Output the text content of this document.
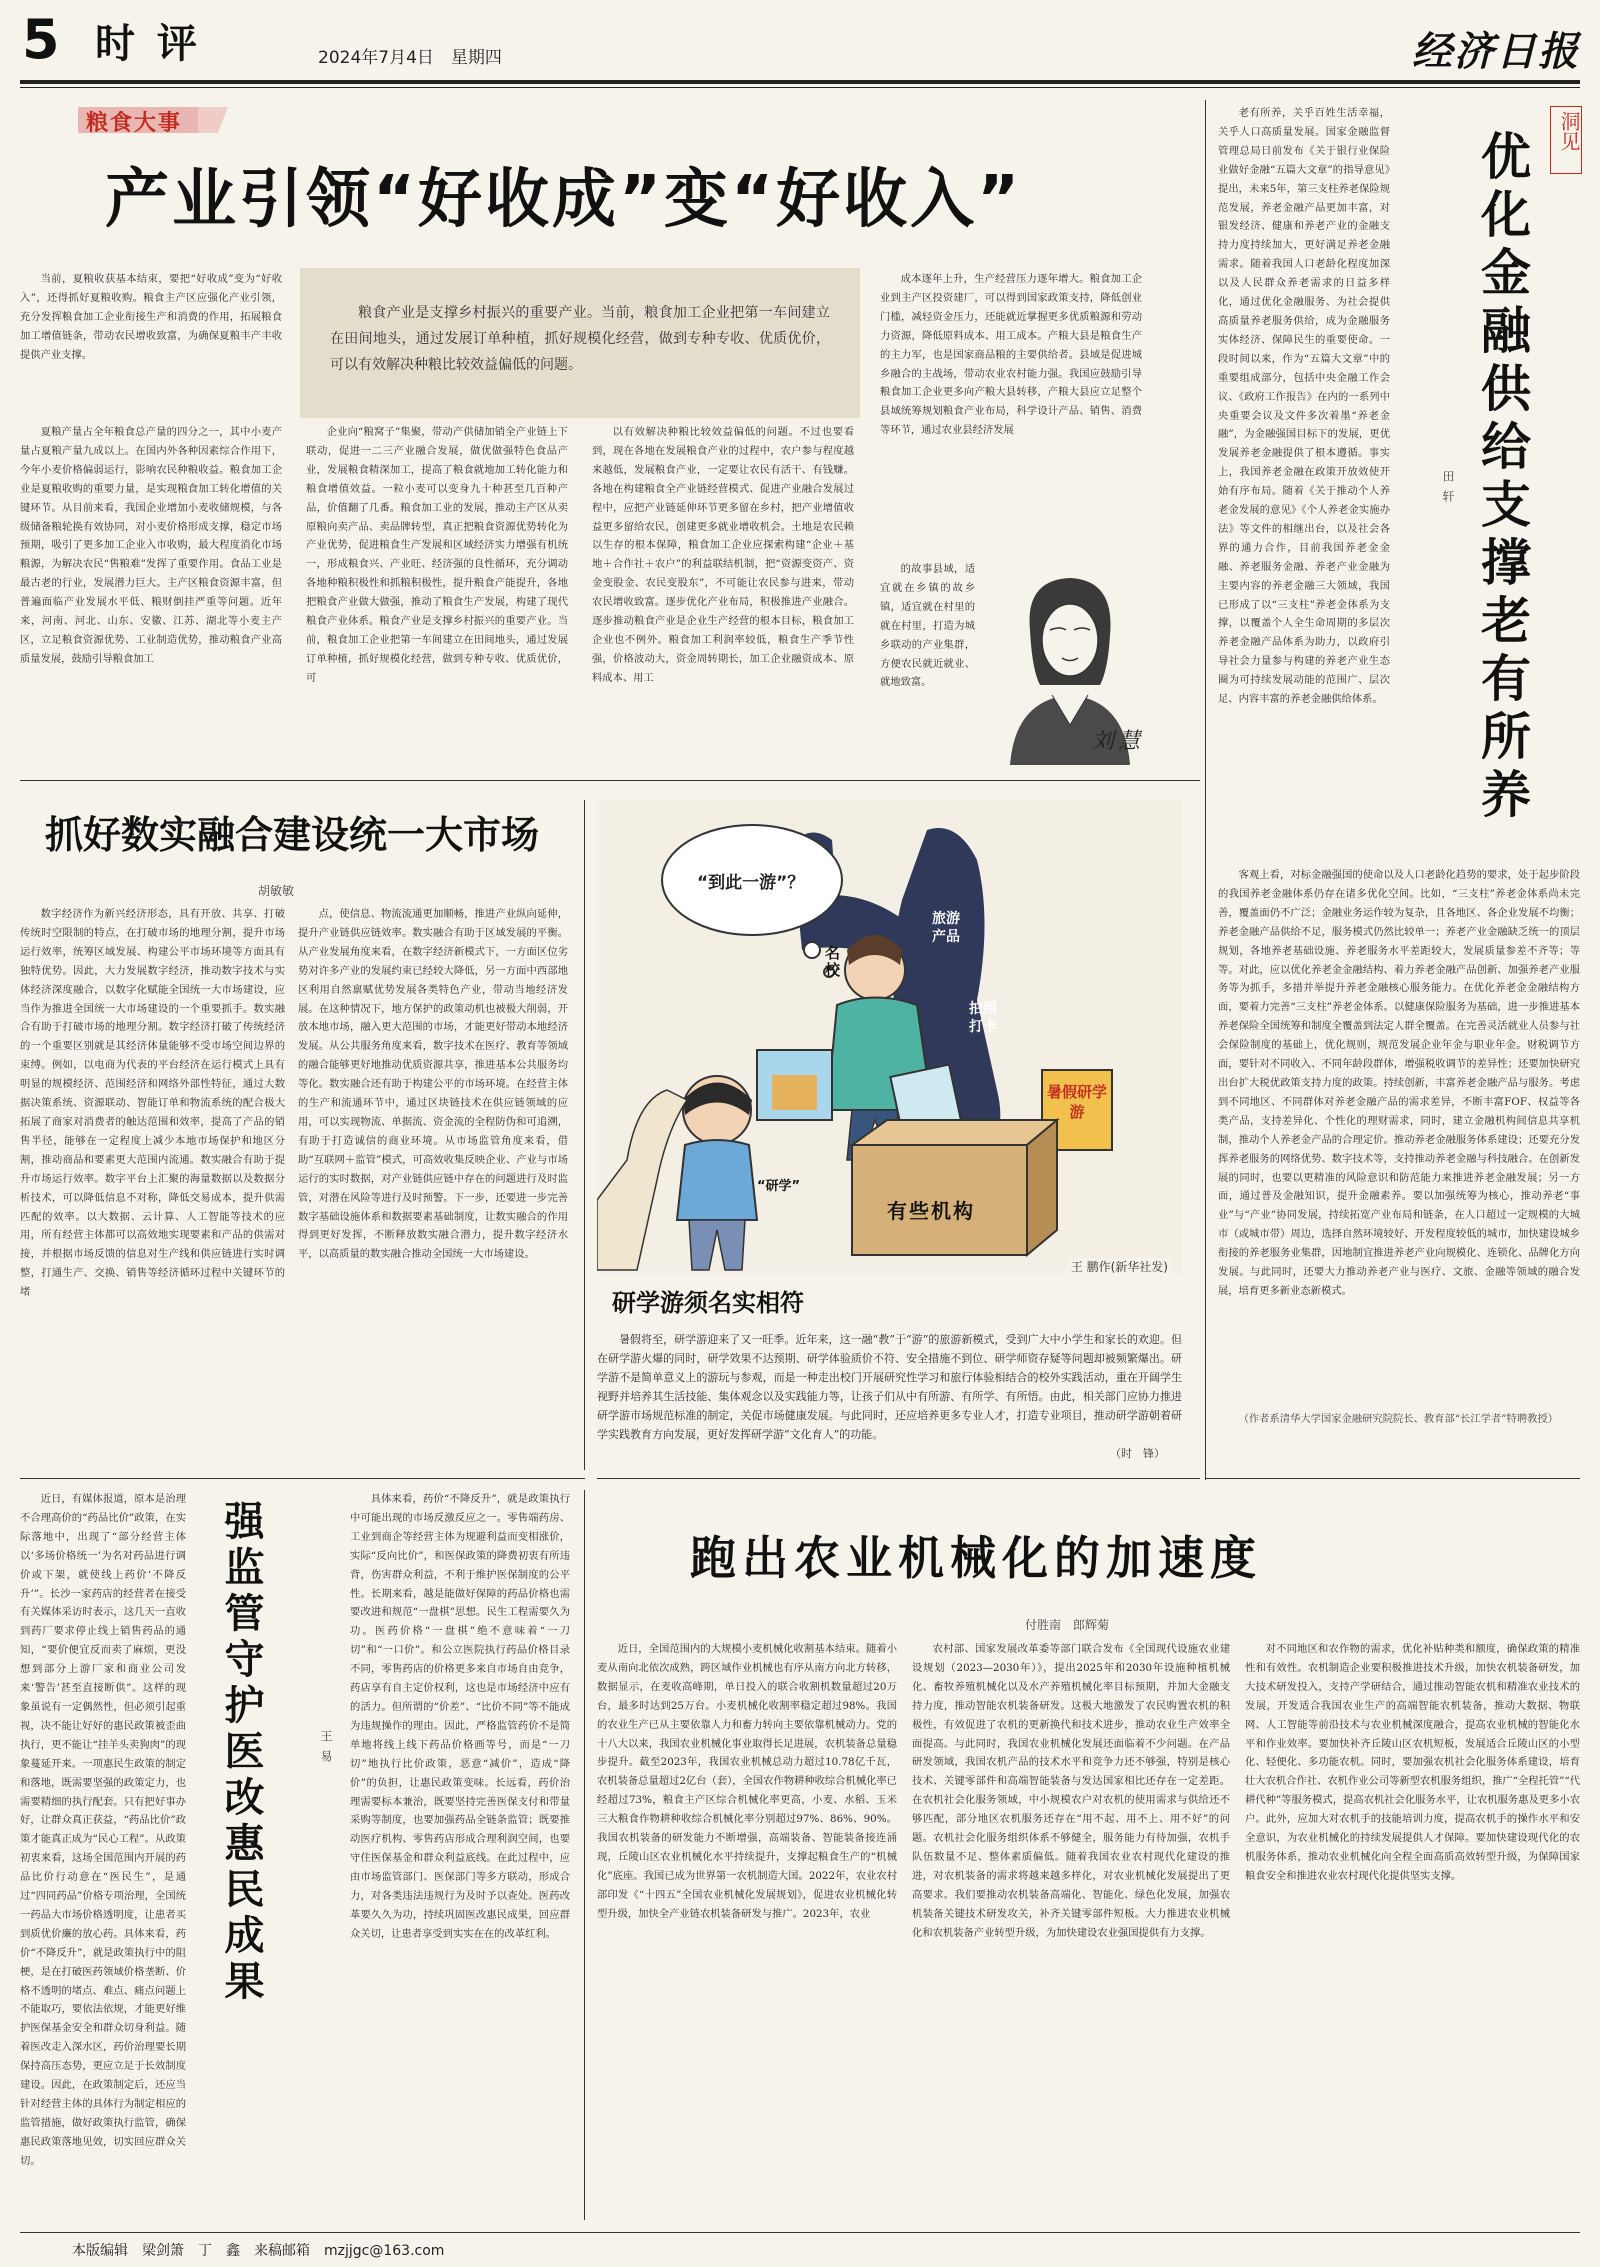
5 时 评	2024年7月4日　星期四	经济日报
粮食大事
产业引领“好收成”变“好收入”

当前，夏粮收获基本结束，要把“好收成”变为“好收入”，还得抓好夏粮收购。粮食主产区应强化产业引领，充分发挥粮食加工企业衔接生产和消费的作用，拓展粮食加工增值链条，带动农民增收致富，为确保夏粮丰产丰收提供产业支撑。

粮食产业是支撑乡村振兴的重要产业。当前，粮食加工企业把第一车间建立在田间地头，通过发展订单种植，抓好规模化经营，做到专种专收、优质优价，可以有效解决种粮比较效益偏低的问题。

成本逐年上升，生产经营压力逐年增大。粮食加工企业到主产区投资建厂，可以得到国家政策支持，降低创业门槛，减轻资金压力，还能就近掌握更多优质粮源和劳动力资源，降低原料成本、用工成本。产粮大县是粮食生产的主力军，也是国家商品粮的主要供给者。县域是促进城乡融合的主战场，带动农业农村能力强。我国应鼓励引导粮食加工企业更多向产粮大县转移，产粮大县应立足整个县域统筹规划粮食产业布局，科学设计产品、销售、消费等环节，通过农业县经济发展

夏粮产量占全年粮食总产量的四分之一，其中小麦产量占夏粮产量九成以上。在国内外各种因素综合作用下，今年小麦价格偏弱运行，影响农民种粮收益。粮食加工企业是夏粮收购的重要力量，是实现粮食加工转化增值的关键环节。从目前来看，我国企业增加小麦收储规模，与各级储备粮轮换有效协同，对小麦价格形成支撑，稳定市场预期，吸引了更多加工企业入市收购，最大程度消化市场粮源，为解决农民“售粮难”发挥了重要作用。食品工业是最古老的行业，发展潜力巨大。主产区粮食资源丰富，但普遍面临产业发展水平低、粮财倒挂严重等问题。近年来，河南、河北、山东、安徽、江苏、湖北等小麦主产区，立足粮食资源优势、工业制造优势，推动粮食产业高质量发展，鼓励引导粮食加工

企业向“粮窝子”集聚，带动产供储加销全产业链上下联动，促进一二三产业融合发展，做优做强特色食品产业，发展粮食精深加工，提高了粮食就地加工转化能力和粮食增值效益。一粒小麦可以变身九十种甚至几百种产品，价值翻了几番。粮食加工业的发展，推动主产区从卖原粮向卖产品、卖品牌转型，真正把粮食资源优势转化为产业优势，促进粮食生产发展和区域经济实力增强有机统一，形成粮食兴、产业旺、经济强的良性循环，充分调动各地种粮积极性和抓粮积极性，提升粮食产能提升，各地把粮食产业做大做强，推动了粮食生产发展，构建了现代粮食产业体系。粮食产业是支撑乡村振兴的重要产业。当前，粮食加工企业把第一车间建立在田间地头，通过发展订单种植，抓好规模化经营，做到专种专收、优质优价，可

以有效解决种粮比较效益偏低的问题。不过也要看到，现在各地在发展粮食产业的过程中，农户参与程度越来越低，发展粮食产业，一定要让农民有活干、有钱赚。各地在构建粮食全产业链经营模式、促进产业融合发展过程中，应把产业链延伸环节更多留在乡村，把产业增值收益更多留给农民，创建更多就业增收机会。土地是农民赖以生存的根本保障，粮食加工企业应探索构建“企业＋基地＋合作社＋农户”的利益联结机制，把“资源变资产、资金变股金、农民变股东”，不可能让农民参与进来，带动农民增收致富。逐步优化产业布局，积极推进产业融合。逐步推动粮食产业是企业生产经营的根本目标，粮食加工企业也不例外。粮食加工利润率较低，粮食生产季节性强，价格波动大，资金周转期长，加工企业融资成本、原料成本、用工

的故事县域，适宜就在乡镇的故乡镇，适宜就在村里的就在村里，打造为城乡联动的产业集群，方便农民就近就业、就地致富。

刘慧
抓好数实融合建设统一大市场
胡敏敏

数字经济作为新兴经济形态，具有开放、共享、打破传统时空限制的特点，在打破市场的地理分割，提升市场运行效率，统筹区域发展、构建公平市场环境等方面具有独特优势。因此，大力发展数字经济，推动数字技术与实体经济深度融合，以数字化赋能全国统一大市场建设，应当作为推进全国统一大市场建设的一个重要抓手。数实融合有助于打破市场的地理分割。数字经济打破了传统经济的一个重要区别就是其经济体量能够不受市场空间边界的束缚。例如，以电商为代表的平台经济在运行模式上具有明显的规模经济、范围经济和网络外部性特征，通过大数据决策系统、资源联动、智能订单和物流系统的配合极大拓展了商家对消费者的触达范围和效率，提高了产品的销售半径，能够在一定程度上减少本地市场保护和地区分割，推动商品和要素更大范围内流通。数实融合有助于提升市场运行效率。数字平台上汇聚的海量数据以及数据分析技术，可以降低信息不对称，降低交易成本，提升供需匹配的效率。以大数据、云计算、人工智能等技术的应用，所有经营主体都可以高效地实现要素和产品的供需对接，并根据市场反馈的信息对生产线和供应链进行实时调整，打通生产、交换、销售等经济循环过程中关键环节的堵

点，使信息、物流流通更加顺畅，推进产业纵向延伸，提升产业链供应链效率。数实融合有助于区域发展的平衡。从产业发展角度来看，在数字经济新模式下，一方面区位劣势对许多产业的发展约束已经较大降低，另一方面中西部地区利用自然禀赋优势发展各类特色产业，带动当地经济发展。在这种情况下，地方保护的政策动机也被极大削弱，开放本地市场，融入更大范围的市场，才能更好带动本地经济发展。从公共服务角度来看，数字技术在医疗、教育等领域的融合能够更好地推动优质资源共享，推进基本公共服务均等化。数实融合还有助于构建公平的市场环境。在经营主体的生产和流通环节中，通过区块链技术在供应链领域的应用，可以实现物流、单据流、资金流的全程防伪和可追溯，有助于打造诚信的商业环境。从市场监管角度来看，借助“互联网＋监管”模式，可高效收集反映企业、产业与市场运行的实时数据，对产业链供应链中存在的问题进行及时监管，对潜在风险等进行及时预警。下一步，还要进一步完善数字基础设施体系和数据要素基础制度，让数实融合的作用得到更好发挥，不断释放数实融合潜力，提升数字经济水平，以高质量的数实融合推动全国统一大市场建设。

“到此一游”？
名校
旅游产品
拍照打卡
暑假研学游
“研学”
有些机构
王 鹏作(新华社发)
研学游须名实相符

暑假将至，研学游迎来了又一旺季。近年来，这一融“教”于“游”的旅游新模式，受到广大中小学生和家长的欢迎。但在研学游火爆的同时，研学效果不达预期、研学体验质价不符、安全措施不到位、研学师资存疑等问题却被频繁爆出。研学游不是简单意义上的游玩与参观，而是一种走出校门开展研究性学习和旅行体验相结合的校外实践活动，重在开阔学生视野并培养其生活技能、集体观念以及实践能力等，让孩子们从中有所游、有所学、有所悟。由此，相关部门应协力推进研学游市场规范标准的制定，关促市场健康发展。与此同时，还应培养更多专业人才，打造专业项目，推动研学游朝着研学实践教育方向发展，更好发挥研学游“文化育人”的功能。

（时　锋）

近日，有媒体报道，原本是治理不合理高价的“药品比价”政策，在实际落地中，出现了“部分经营主体以‘多场价格统一’为名对药品进行调价或下架，就使线上药价‘不降反升’”。长沙一家药店的经营者在接受有关媒体采访时表示，这几天一直收到药厂要求停止线上销售药品的通知，“要价便宜反而卖了麻烦，更没想到部分上游厂家和商业公司发来‘警告’甚至直接断供”。这样的现象虽说有一定偶然性，但必须引起重视，决不能让好好的惠民政策被歪曲执行，更不能让“挂羊头卖狗肉”的现象蔓延开来。一项惠民生政策的制定和落地，既需要坚强的政策定力，也需要精细的执行配套。只有把好事办好，让群众真正获益，“药品比价”政策才能真正成为“民心工程”。从政策初衷来看，这场全国范围内开展的药品比价行动意在“医民生”，是通过“四同药品”价格专项治理，全国统一药品大市场价格透明度，让患者买到质优价廉的放心药。具体来看，药价“不降反升”，就是政策执行中的阻梗，是在打破医药领域价格垄断、价格不透明的堵点、难点、痛点问题上不能取巧，要依法依规，才能更好维护医保基金安全和群众切身利益。随着医改走入深水区，药价治理要长期保持高压态势，更应立足于长效制度建设。因此，在政策制定后，还应当针对经营主体的具体行为制定相应的监管措施，做好政策执行监管，确保惠民政策落地见效，切实回应群众关切。

强监管守护医改惠民成果	王易

具体来看，药价“不降反升”，就是政策执行中可能出现的市场反激反应之一。零售端药房、工业到商企等经营主体为规避利益而变相涨价，实际“反向比价”，和医保政策的降费初衷有所违背，伤害群众利益，不利于维护医保制度的公平性。长期来看，越是能做好保障的药品价格也需要改进和规范“一盘棋”思想。民生工程需要久为功。医药价格“一盘棋”绝不意味着“一刀切”和“一口价”。和公立医院执行药品价格目录不同，零售药店的价格更多来自市场自由竞争，药店享有自主定价权利，这也是市场经济中应有的活力。但所谓的“价差”、“比价不同”等不能成为违规操作的理由。因此，严格监管药价不是简单地将线上线下药品价格画等号，而是“一刀切”地执行比价政策，恶意“减价”，造成“降价”的负担，让惠民政策变味。长远看，药价治理需要标本兼治，既要坚持完善医保支付和带量采购等制度，也要加强药品全链条监管；既要推动医疗机构、零售药店形成合理利润空间，也要守住医保基金和群众利益底线。在此过程中，应由市场监管部门、医保部门等多方联动，形成合力，对各类违法违规行为及时予以查处。医药改革要久久为功，持续巩固医改惠民成果，回应群众关切，让患者享受到实实在在的改革红利。

跑出农业机械化的加速度
付胜南　郎辉菊

近日，全国范围内的大规模小麦机械化收割基本结束。随着小麦从南向北依次成熟，跨区域作业机械也有序从南方向北方转移，数据显示，在麦收高峰期，单日投入的联合收割机数量超过20万台，最多时达到25万台。小麦机械化收割率稳定超过98%。我国的农业生产已从主要依靠人力和畜力转向主要依靠机械动力。党的十八大以来，我国农业机械化事业取得长足进展，农机装备总量稳步提升。截至2023年，我国农业机械总动力超过10.78亿千瓦，农机装备总量超过2亿台（套），全国农作物耕种收综合机械化率已经超过73%，粮食主产区综合机械化率更高，小麦、水稻、玉米三大粮食作物耕种收综合机械化率分别超过97%、86%、90%。我国农机装备的研发能力不断增强，高端装备、智能装备接连涌现，丘陵山区农业机械化水平持续提升，支撑起粮食生产的“机械化”底座。我国已成为世界第一农机制造大国。2022年，农业农村部印发《“十四五”全国农业机械化发展规划》，促进农业机械化转型升级，加快全产业链农机装备研发与推广。2023年，农业

农村部、国家发展改革委等部门联合发布《全国现代设施农业建设规划（2023—2030年）》，提出2025年和2030年设施种植机械化、畜牧养殖机械化以及水产养殖机械化率目标预期，并加大金融支持力度，推动智能农机装备研发。这极大地激发了农民购置农机的积极性，有效促进了农机的更新换代和技术进步，推动农业生产效率全面提高。与此同时，我国农业机械化发展还面临着不少问题。在产品研发领域，我国农机产品的技术水平和竞争力还不够强，特别是核心技术、关键零部件和高端智能装备与发达国家相比还存在一定差距。在农机社会化服务领域，中小规模农户对农机的使用需求与供给还不够匹配，部分地区农机服务还存在“用不起、用不上、用不好”的问题。农机社会化服务组织体系不够健全，服务能力有待加强，农机手队伍数量不足、整体素质偏低。随着我国农业农村现代化建设的推进，对农机装备的需求将越来越多样化，对农业机械化发展提出了更高要求。我们要推动农机装备高端化、智能化、绿色化发展，加强农机装备关键技术研发攻关，补齐关键零部件短板。大力推进农业机械化和农机装备产业转型升级，为加快建设农业强国提供有力支撑。

对不同地区和农作物的需求，优化补贴种类和额度，确保政策的精准性和有效性。农机制造企业要积极推进技术升级，加快农机装备研发，加大技术研发投入，支持产学研结合，通过推动智能农机和精准农业技术的发展，开发适合我国农业生产的高端智能农机装备，推动大数据、物联网、人工智能等前沿技术与农业机械深度融合，提高农业机械的智能化水平和作业效率。要加快补齐丘陵山区农机短板，发展适合丘陵山区的小型化、轻便化、多功能农机。同时，要加强农机社会化服务体系建设，培育壮大农机合作社、农机作业公司等新型农机服务组织，推广“全程托管”“代耕代种”等服务模式，提高农机社会化服务水平，让农机服务惠及更多小农户。此外，应加大对农机手的技能培训力度，提高农机手的操作水平和安全意识，为农业机械化的持续发展提供人才保障。要加快建设现代化的农机服务体系，推动农业机械化向全程全面高质高效转型升级，为保障国家粮食安全和推进农业农村现代化提供坚实支撑。

洞见

老有所养，关乎百姓生活幸福，关乎人口高质量发展。国家金融监督管理总局日前发布《关于银行业保险业做好金融“五篇大文章”的指导意见》提出，未来5年，第三支柱养老保险规范发展，养老金融产品更加丰富，对银发经济、健康和养老产业的金融支持力度持续加大，更好满足养老金融需求。随着我国人口老龄化程度加深以及人民群众养老需求的日益多样化，通过优化金融服务、为社会提供高质量养老服务供给，成为金融服务实体经济、保障民生的重要使命。一段时间以来，作为“五篇大文章”中的重要组成部分，包括中央金融工作会议、《政府工作报告》在内的一系列中央重要会议及文件多次着墨“养老金融”，为金融强国目标下的发展，更优发展养老金融提供了根本遵循。事实上，我国养老金融在政策开放效使开始有序布局。随着《关于推动个人养老金发展的意见》《个人养老金实施办法》等文件的相继出台，以及社会各界的通力合作，目前我国养老金金融、养老服务金融、养老产业金融为主要内容的养老金融三大领域，我国已形成了以“三支柱”养老金体系为支撑，以覆盖个人全生命周期的多层次养老金融产品体系为助力，以政府引导社会力量参与构建的养老产业生态圈为可持续发展动能的范围广、层次足、内容丰富的养老金融供给体系。 优化金融供给支撑老有所养
田轩

客观上看，对标金融强国的使命以及人口老龄化趋势的要求，处于起步阶段的我国养老金融体系仍存在诸多优化空间。比如，“三支柱”养老金体系尚未完善，覆盖面仍不广泛；金融业务运作较为复杂，且各地区、各企业发展不均衡；养老金融产品供给不足，服务模式仍然比较单一；养老产业金融缺乏统一的顶层规划，各地养老基础设施、养老服务水平差距较大，发展质量参差不齐等；等等。对此，应以优化养老金金融结构、着力养老金融产品创新、加强养老产业服务等为抓手，多措并举提升养老金融核心服务能力。在优化养老金金融结构方面，要着力完善“三支柱”养老金体系。以健康保险服务为基础，进一步推进基本养老保险全国统筹和制度全覆盖到法定人群全覆盖。在完善灵活就业人员参与社会保险制度的基础上，优化规则，规范发展企业年金与职业年金。财税调节方面，要针对不同收入、不同年龄段群体，增强税收调节的差异性；还要加快研究出台扩大税优政策支持力度的政策。持续创新，丰富养老金融产品与服务。考虑到不同地区、不同群体对养老金融产品的需求差异，不断丰富FOF、权益等各类产品，支持差异化、个性化的理财需求，同时，建立金融机构间信息共享机制，推动个人养老金产品的合理定价。推动养老金融服务体系建设；还要充分发挥养老服务的网络优势、数字技术等，支持推动养老金融与科技融合。在创新发展的同时，也要以更精准的风险意识和防范能力来推进养老金融发展；另一方面，通过普及金融知识，提升金融素养。要以加强统筹为核心，推动养老“事业”与“产业”协同发展，持续拓宽产业布局和链条，在人口超过一定规模的大城市（或城市带）周边，选择自然环境较好、开发程度较低的城市，加快建设城乡衔接的养老服务业集群，因地制宜推进养老产业向规模化、连锁化、品牌化方向发展。与此同时，还要大力推动养老产业与医疗、文旅、金融等领域的融合发展，培育更多新业态新模式。

（作者系清华大学国家金融研究院院长、教育部“长江学者”特聘教授）

本版编辑　梁剑箫　丁　鑫　来稿邮箱　mzjjgc@163.com
